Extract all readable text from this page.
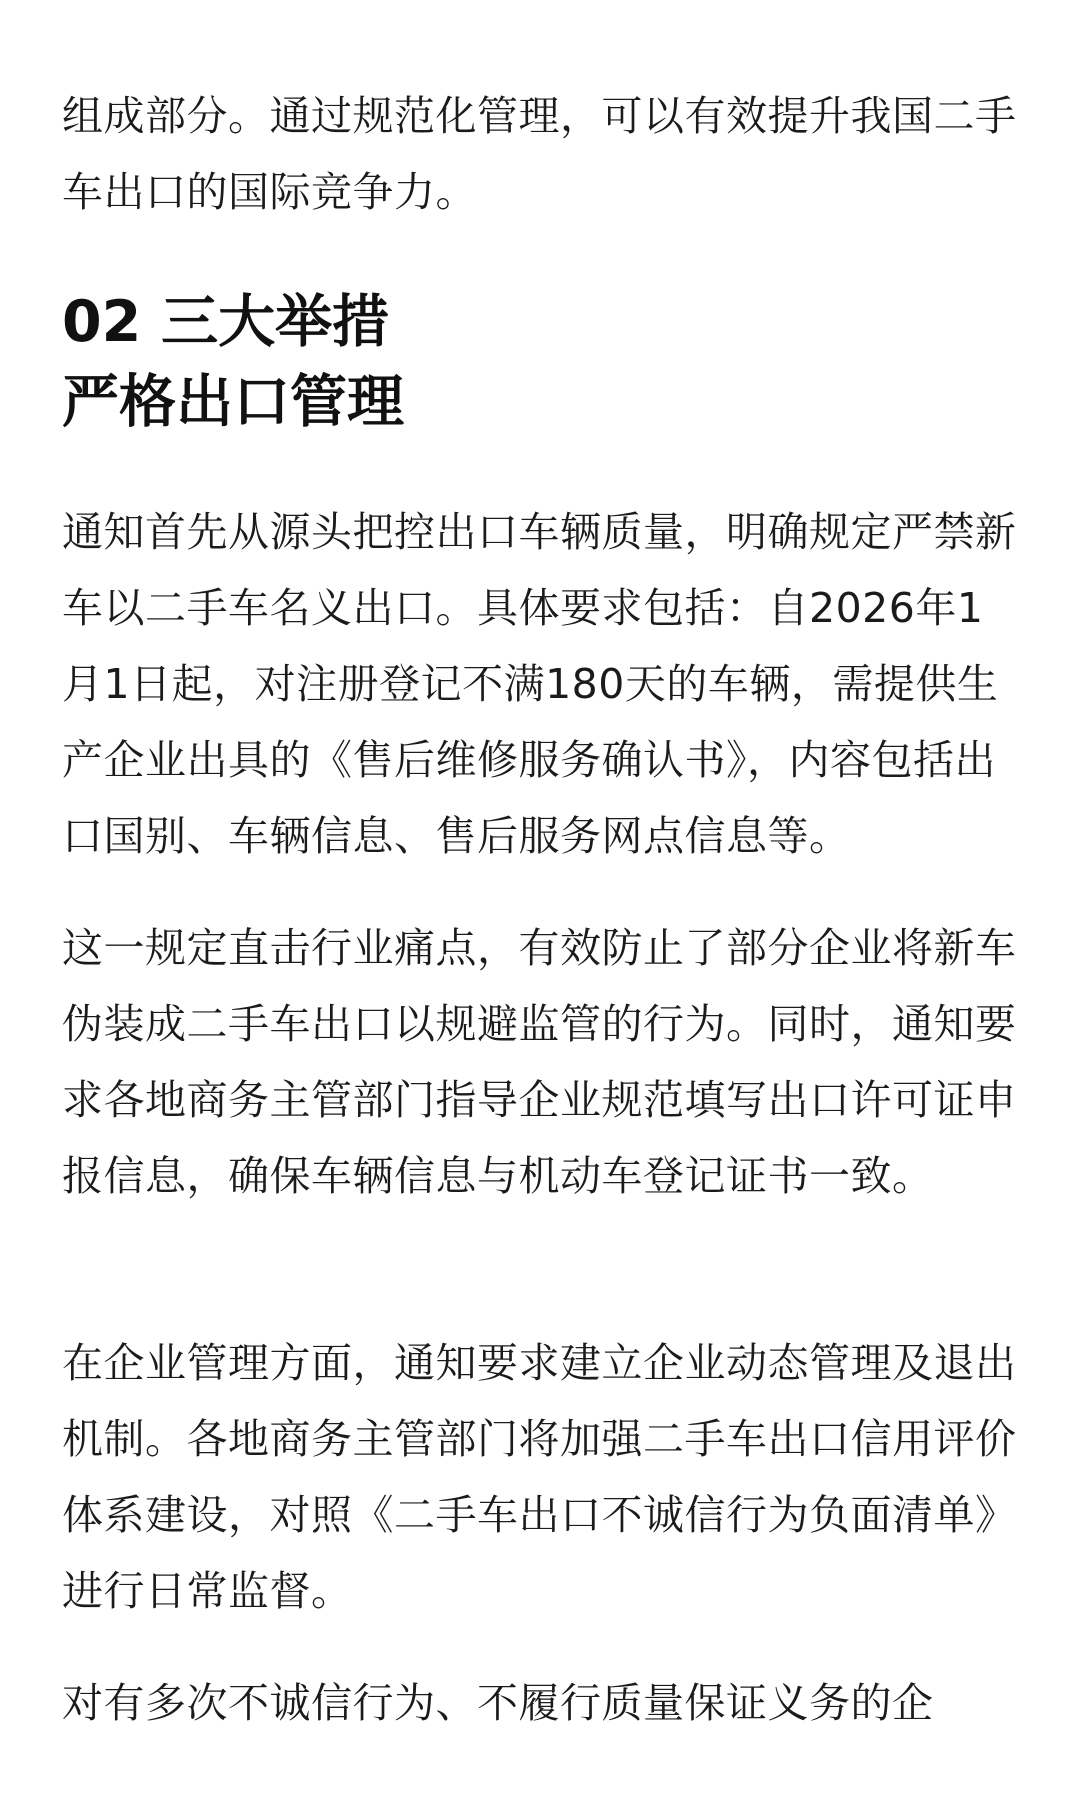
组成部分。通过规范化管理，可以有效提升我国二手车出口的国际竞争力。

02 三大举措
严格出口管理

通知首先从源头把控出口车辆质量，明确规定严禁新车以二手车名义出口。具体要求包括：自2026年1月1日起，对注册登记不满180天的车辆，需提供生产企业出具的《售后维修服务确认书》，内容包括出口国别、车辆信息、售后服务网点信息等。

这一规定直击行业痛点，有效防止了部分企业将新车伪装成二手车出口以规避监管的行为。同时，通知要求各地商务主管部门指导企业规范填写出口许可证申报信息，确保车辆信息与机动车登记证书一致。

在企业管理方面，通知要求建立企业动态管理及退出机制。各地商务主管部门将加强二手车出口信用评价体系建设，对照《二手车出口不诚信行为负面清单》进行日常监督。

对有多次不诚信行为、不履行质量保证义务的企
